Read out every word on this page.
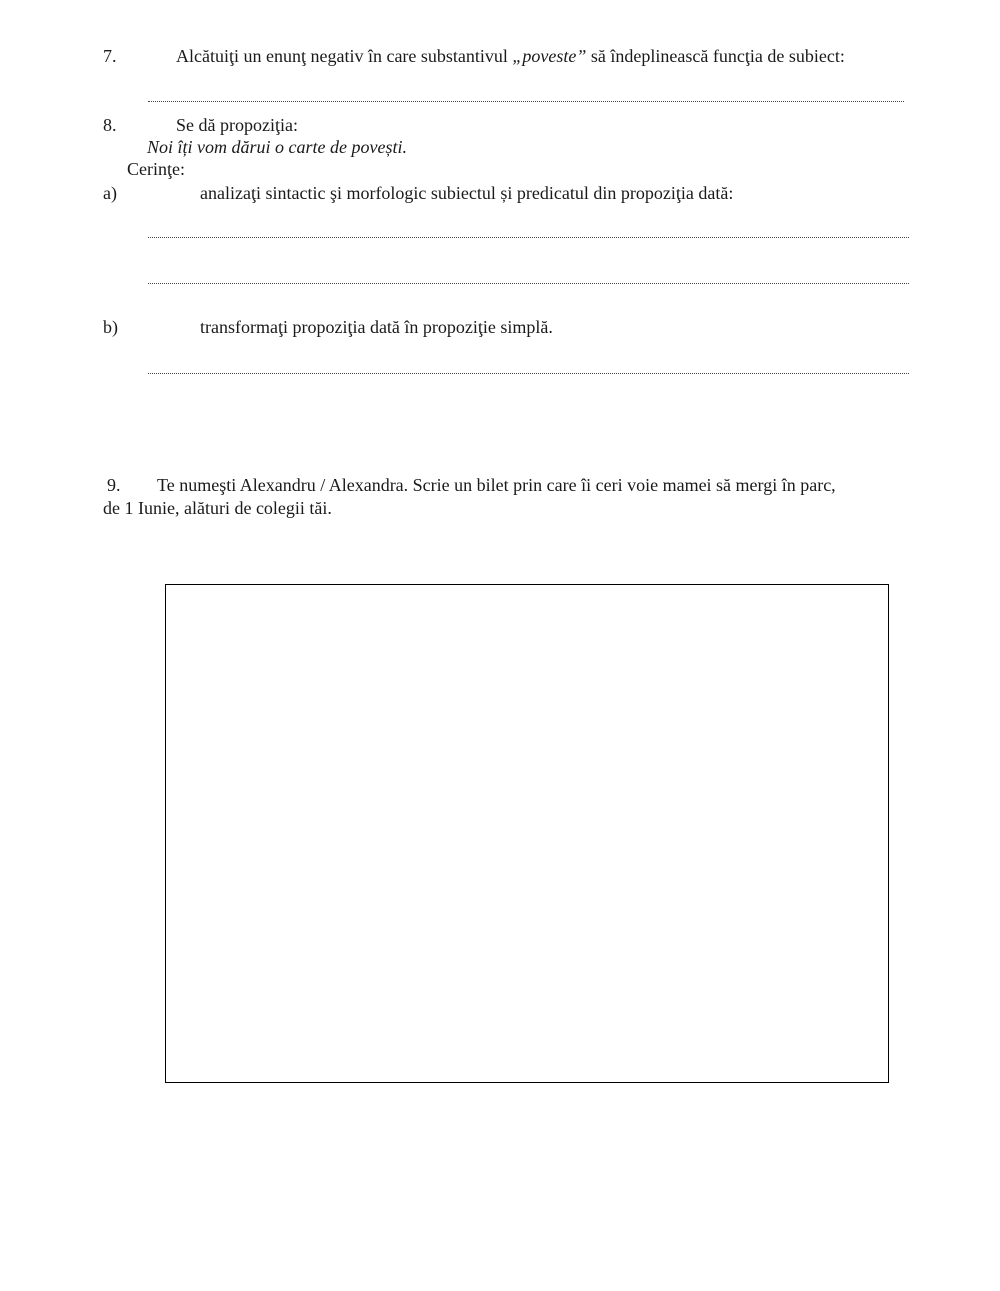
7.	Alcătuiţi un enunţ negativ în care substantivul „poveste” să îndeplinească funcţia de subiect:
8.	Se dă propoziţia:
Noi îți vom dărui o carte de povești.
Cerinţe:
a)	analizaţi sintactic şi morfologic subiectul și predicatul din propoziţia dată:
b)	transformaţi propoziţia dată în propoziţie simplă.
9. Te numeşti Alexandru / Alexandra. Scrie un bilet prin care îi ceri voie mamei să mergi în parc,
de 1 Iunie, alături de colegii tăi.
